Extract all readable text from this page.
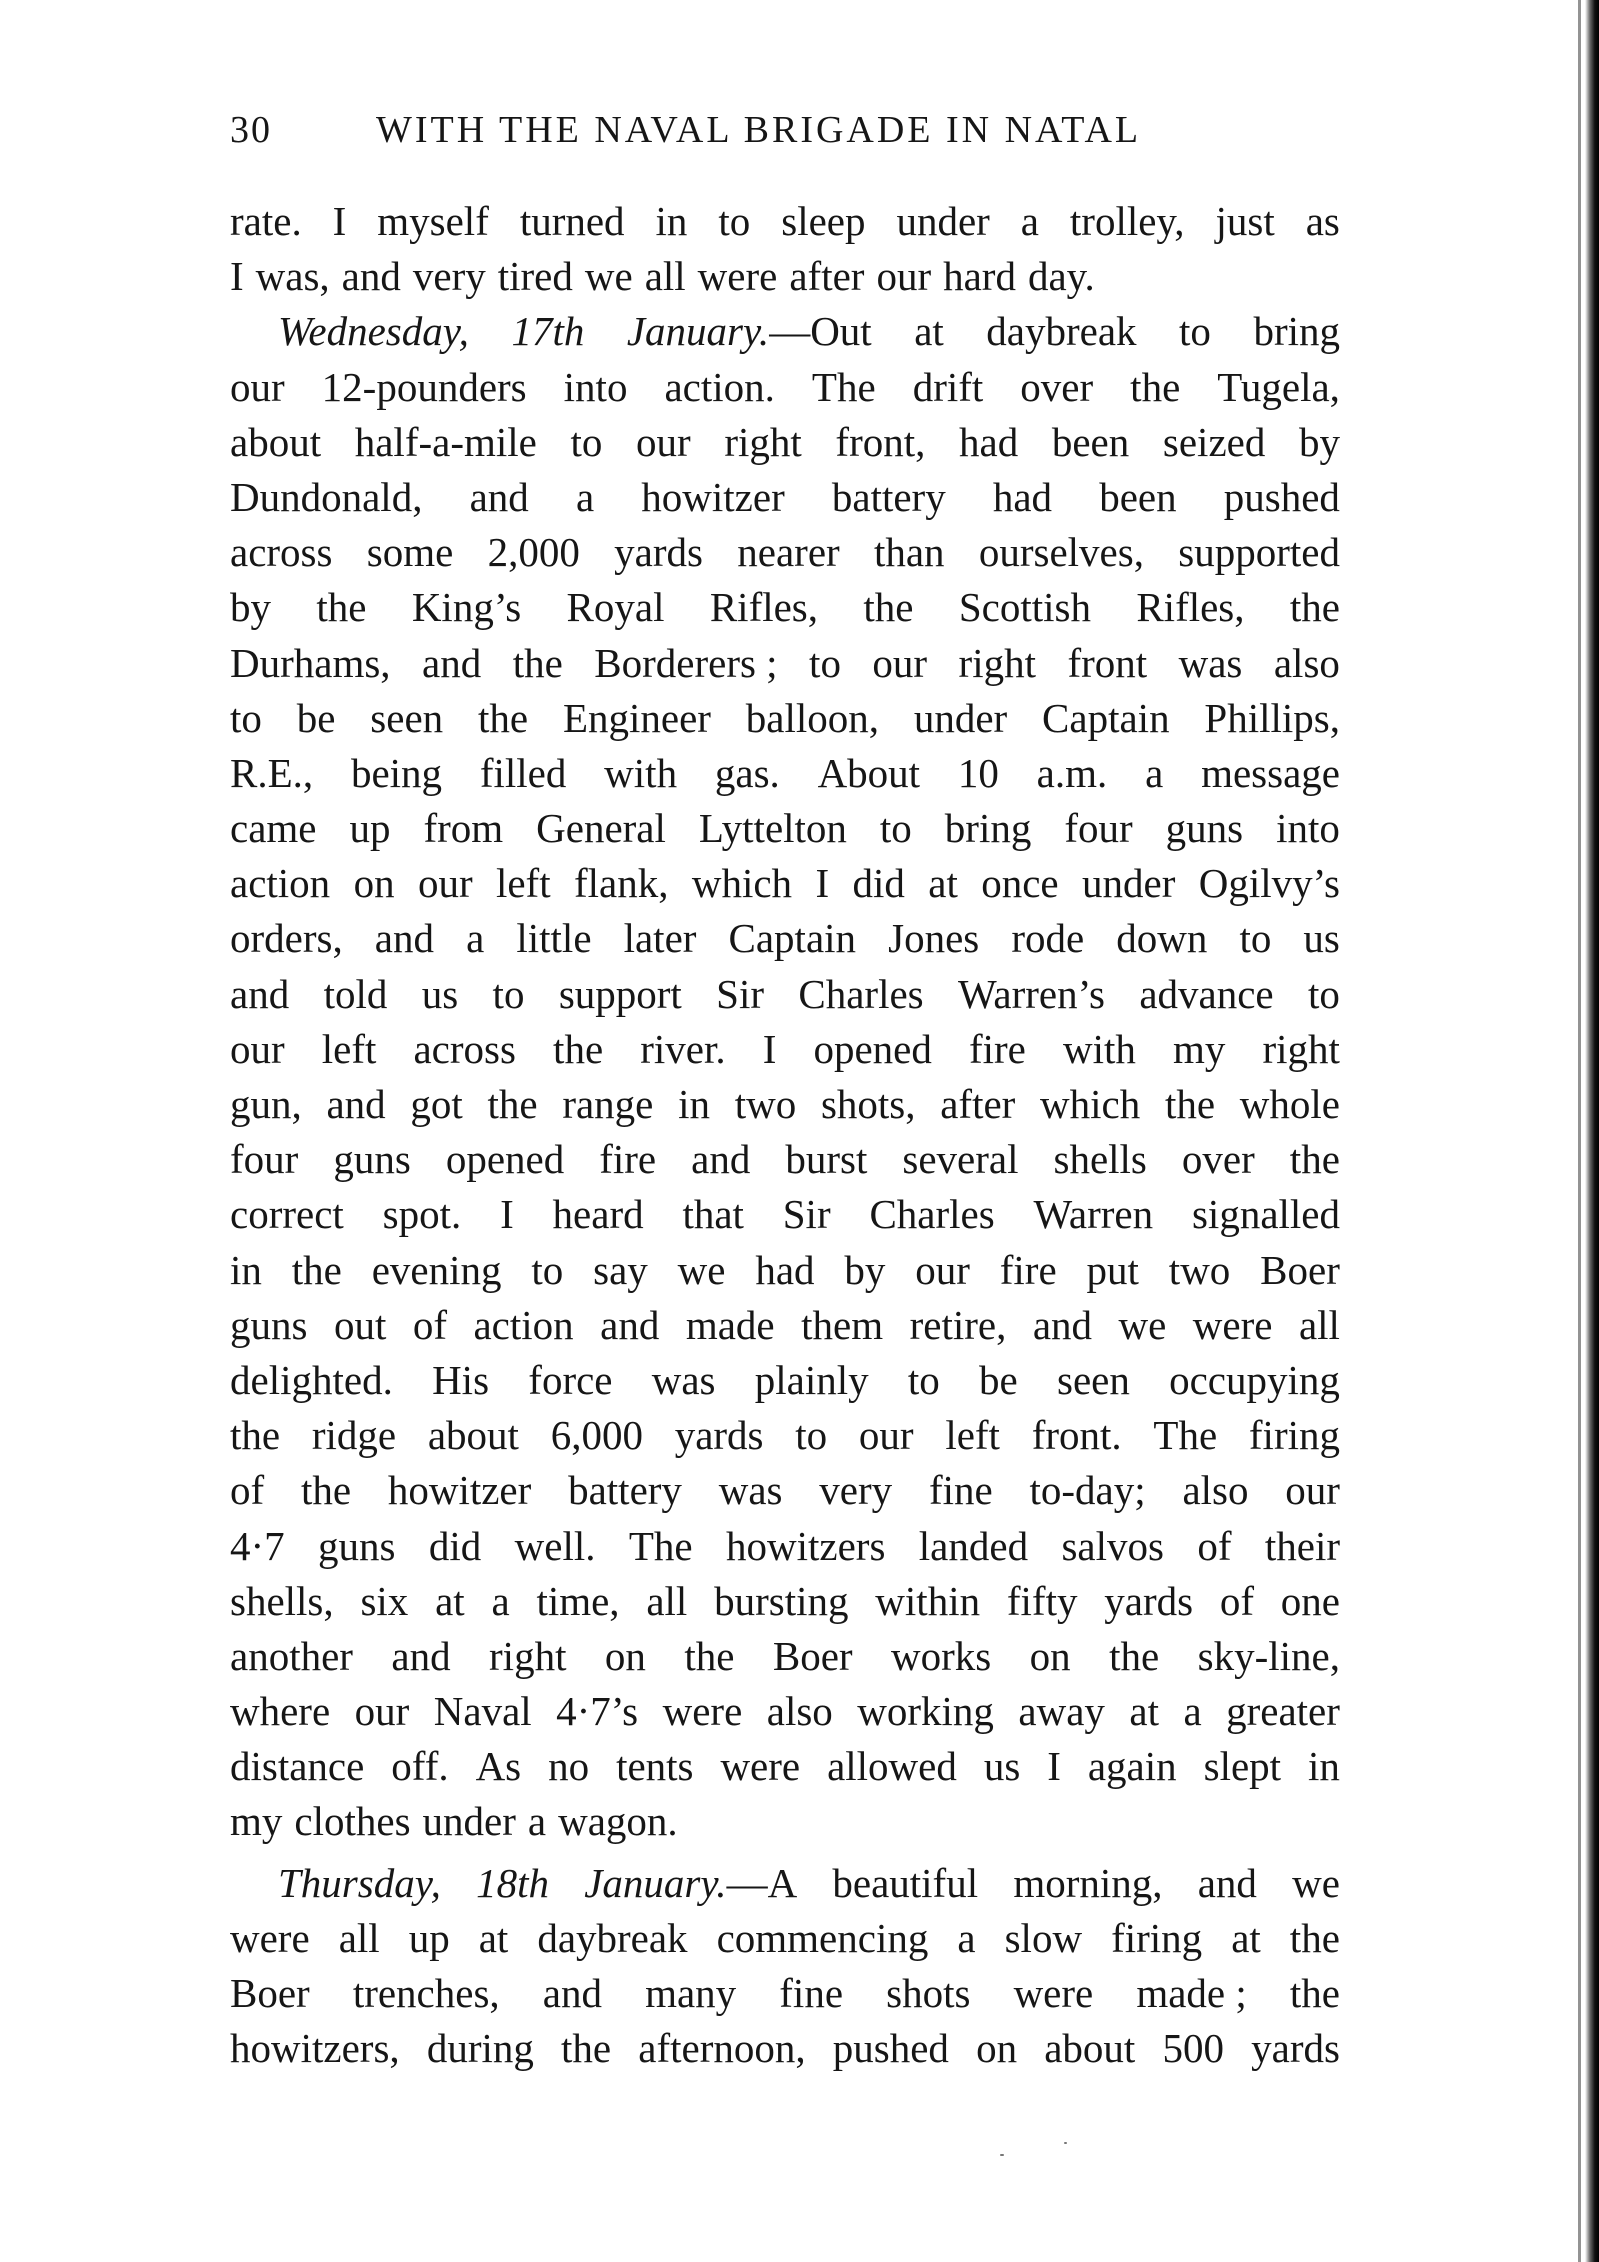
30	WITH THE NAVAL BRIGADE IN NATAL
rate. I myself turned in to sleep under a trolley, just as
I was, and very tired we all were after our hard day.
Wednesday, 17th January.—Out at daybreak to bring
our 12-pounders into action. The drift over the Tugela,
about half-a-mile to our right front, had been seized by
Dundonald, and a howitzer battery had been pushed
across some 2,000 yards nearer than ourselves, supported
by the King’s Royal Rifles, the Scottish Rifles, the
Durhams, and the Borderers ; to our right front was also
to be seen the Engineer balloon, under Captain Phillips,
R.E., being filled with gas. About 10 a.m. a message
came up from General Lyttelton to bring four guns into
action on our left flank, which I did at once under Ogilvy’s
orders, and a little later Captain Jones rode down to us
and told us to support Sir Charles Warren’s advance to
our left across the river. I opened fire with my right
gun, and got the range in two shots, after which the whole
four guns opened fire and burst several shells over the
correct spot. I heard that Sir Charles Warren signalled
in the evening to say we had by our fire put two Boer
guns out of action and made them retire, and we were all
delighted. His force was plainly to be seen occupying
the ridge about 6,000 yards to our left front. The firing
of the howitzer battery was very fine to-day; also our
4·7 guns did well. The howitzers landed salvos of their
shells, six at a time, all bursting within fifty yards of one
another and right on the Boer works on the sky-line,
where our Naval 4·7’s were also working away at a greater
distance off. As no tents were allowed us I again slept in
my clothes under a wagon.
Thursday, 18th January.—A beautiful morning, and we
were all up at daybreak commencing a slow firing at the
Boer trenches, and many fine shots were made ; the
howitzers, during the afternoon, pushed on about 500 yards
